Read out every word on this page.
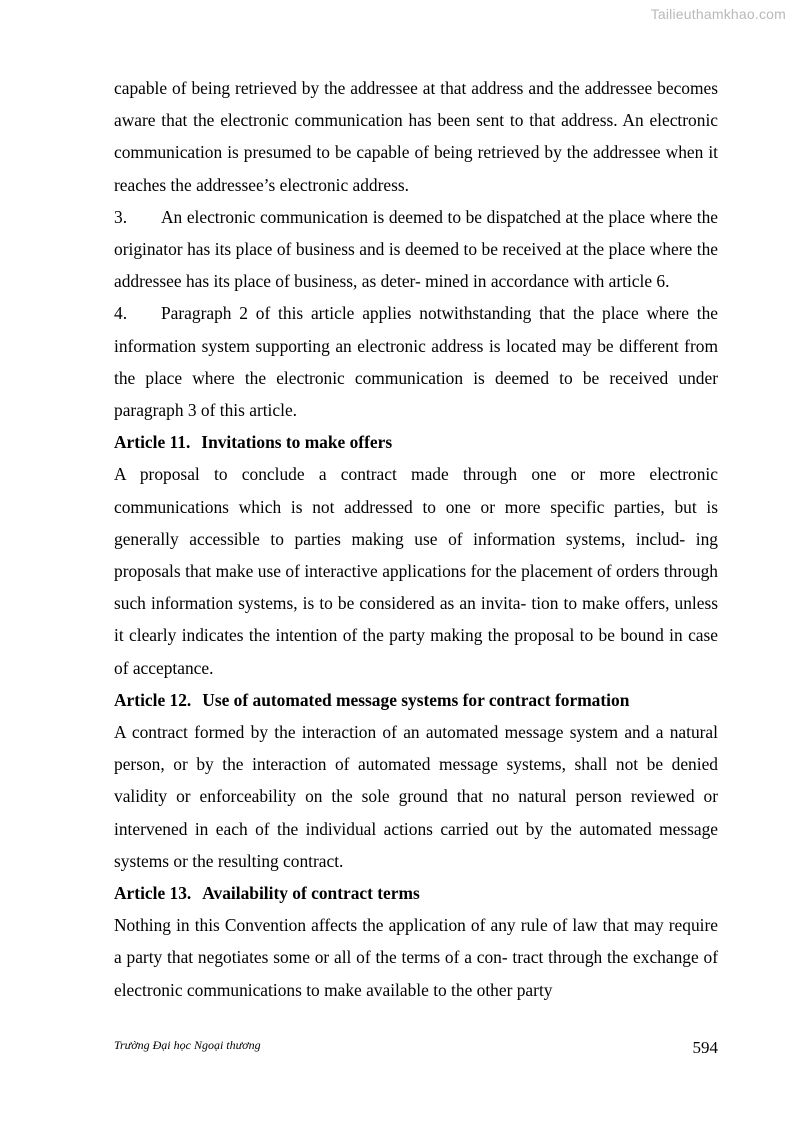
Tailieuthamkhao.com

capable of being retrieved by the addressee at that address and the addressee becomes aware that the electronic communication has been sent to that address. An electronic communication is presumed to be capable of being retrieved by the addressee when it reaches the addressee’s electronic address.

3. An electronic communication is deemed to be dispatched at the place where the originator has its place of business and is deemed to be received at the place where the addressee has its place of business, as deter- mined in accordance with article 6.

4. Paragraph 2 of this article applies notwithstanding that the place where the information system supporting an electronic address is located may be different from the place where the electronic communication is deemed to be received under paragraph 3 of this article.

Article 11. Invitations to make offers

A proposal to conclude a contract made through one or more electronic communications which is not addressed to one or more specific parties, but is generally accessible to parties making use of information systems, includ- ing proposals that make use of interactive applications for the placement of orders through such information systems, is to be considered as an invita- tion to make offers, unless it clearly indicates the intention of the party making the proposal to be bound in case of acceptance.

Article 12. Use of automated message systems for contract formation

A contract formed by the interaction of an automated message system and a natural person, or by the interaction of automated message systems, shall not be denied validity or enforceability on the sole ground that no natural person reviewed or intervened in each of the individual actions carried out by the automated message systems or the resulting contract.

Article 13. Availability of contract terms

Nothing in this Convention affects the application of any rule of law that may require a party that negotiates some or all of the terms of a con- tract through the exchange of electronic communications to make available to the other party

Trường Đại học Ngoại thương	594
